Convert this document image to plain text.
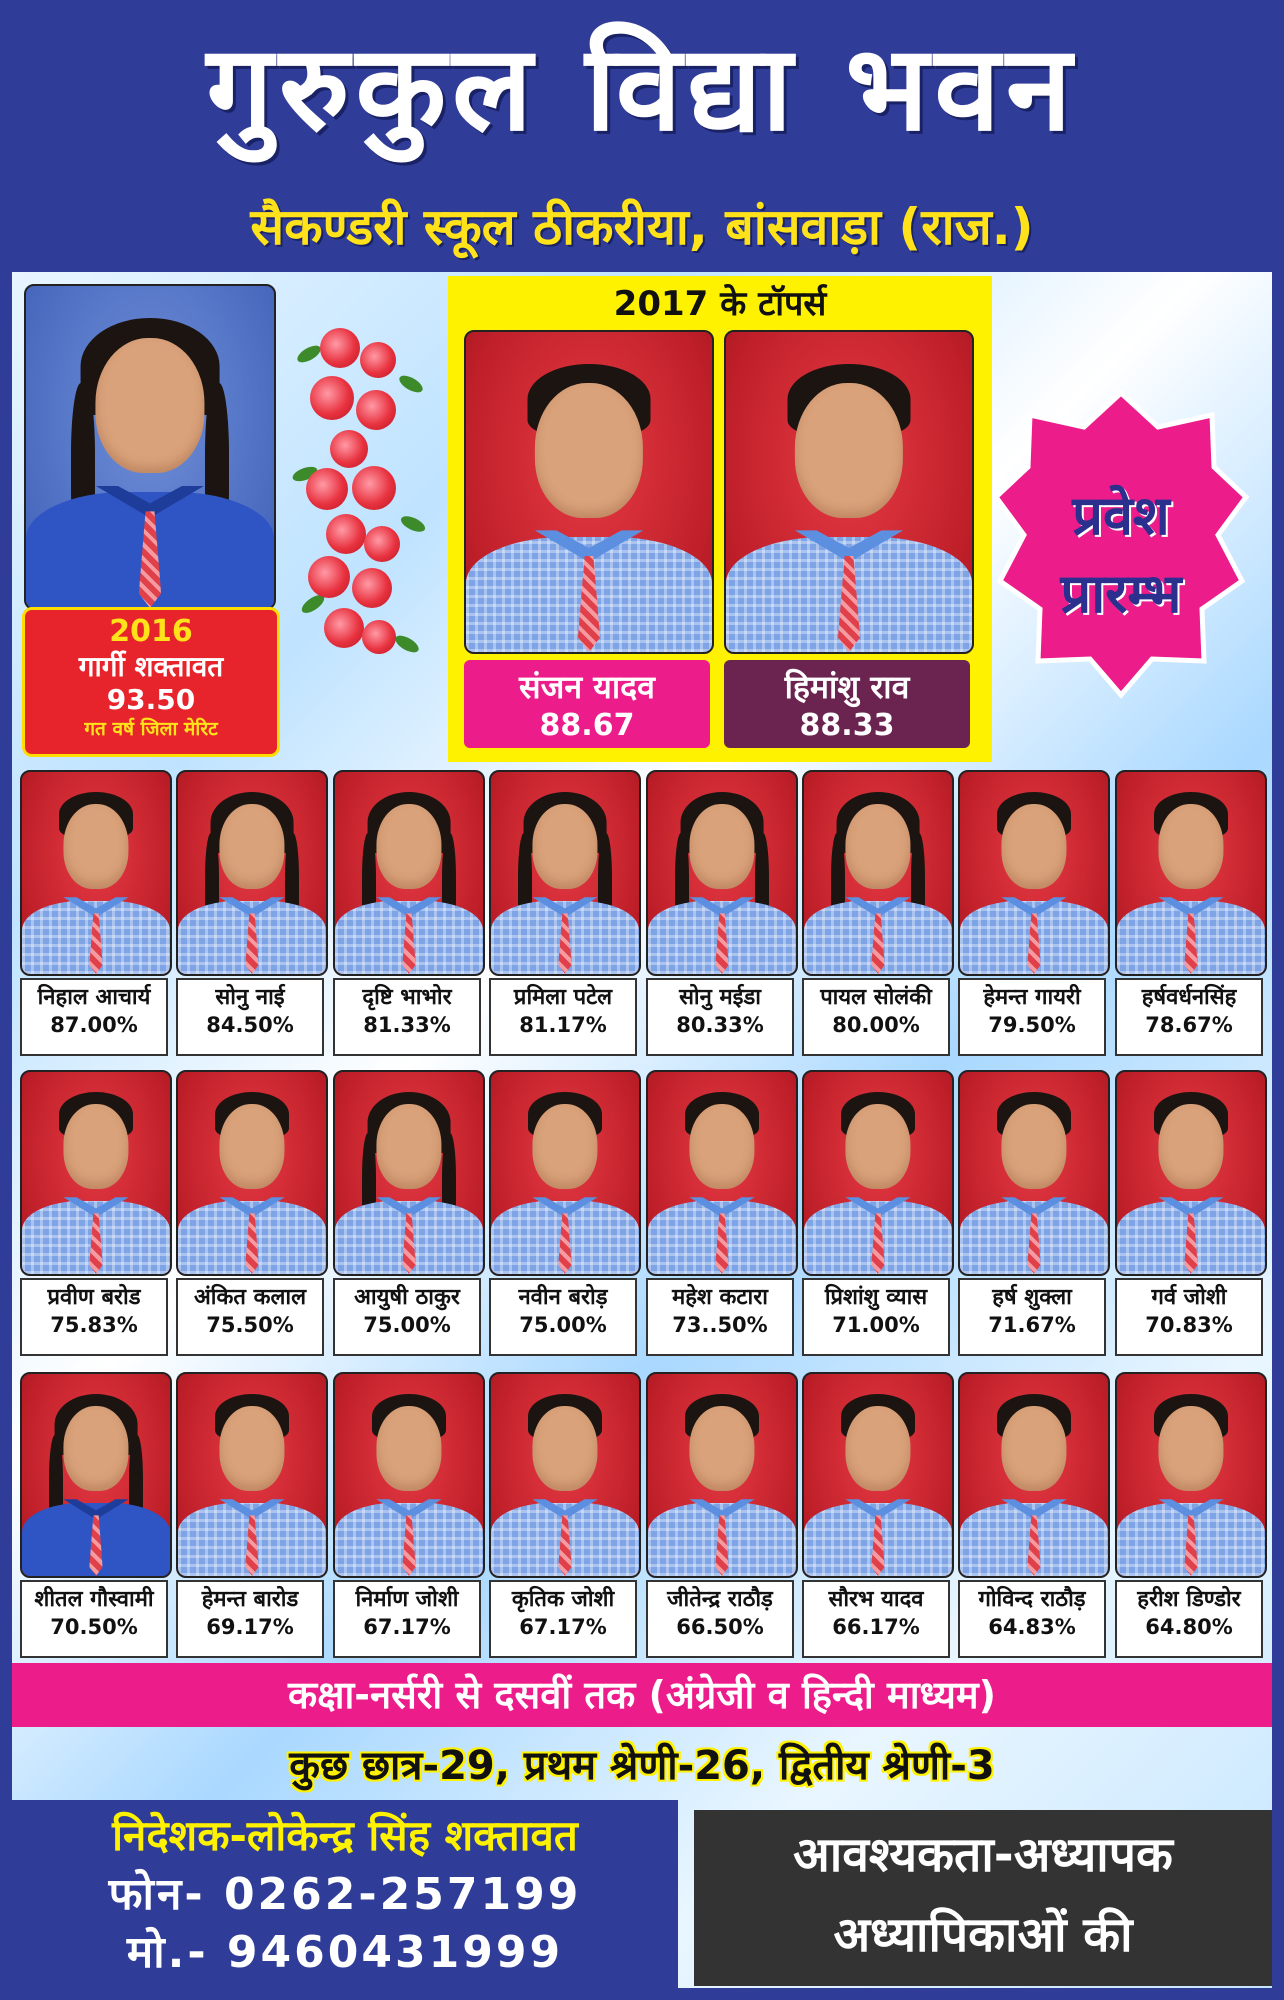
गुरुकुल विद्या भवन
सैकण्डरी स्कूल ठीकरीया, बांसवाड़ा (राज.)
2016
गार्गी शक्तावत
93.50
गत वर्ष जिला मेरिट
2017 के टॉपर्स
संजन यादव
88.67
हिमांशु राव
88.33
प्रवेश
प्रारम्भ
निहाल आचार्य
87.00%
सोनु नाई
84.50%
दृष्टि भाभोर
81.33%
प्रमिला पटेल
81.17%
सोनु मईडा
80.33%
पायल सोलंकी
80.00%
हेमन्त गायरी
79.50%
हर्षवर्धनसिंह
78.67%
प्रवीण बरोड
75.83%
अंकित कलाल
75.50%
आयुषी ठाकुर
75.00%
नवीन बरोड़
75.00%
महेश कटारा
73..50%
प्रिशांशु व्यास
71.00%
हर्ष शुक्ला
71.67%
गर्व जोशी
70.83%
शीतल गौस्वामी
70.50%
हेमन्त बारोड
69.17%
निर्माण जोशी
67.17%
कृतिक जोशी
67.17%
जीतेन्द्र राठौड़
66.50%
सौरभ यादव
66.17%
गोविन्द राठौड़
64.83%
हरीश डिण्डोर
64.80%
कक्षा-नर्सरी से दसवीं तक (अंग्रेजी व हिन्दी माध्यम)
कुछ छात्र-29, प्रथम श्रेणी-26, द्वितीय श्रेणी-3
निदेशक-लोकेन्द्र सिंह शक्तावत
फोन- 0262-257199
मो.- 9460431999
आवश्यकता-अध्यापक
अध्यापिकाओं की
